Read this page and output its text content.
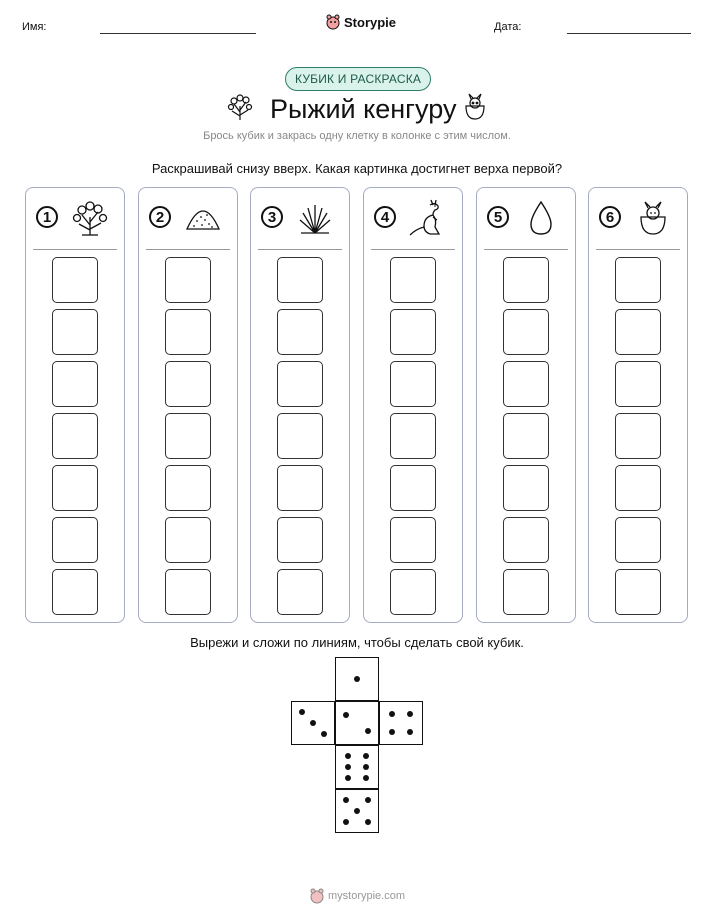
Имя:	Storypie	Дата:
КУБИК И РАСКРАСКА
Рыжий кенгуру
Брось кубик и закрась одну клетку в колонке с этим числом.
Раскрашивай снизу вверх. Какая картинка достигнет верха первой?
1	2	3	4	5	6
Вырежи и сложи по линиям, чтобы сделать свой кубик.
mystorypie.com
